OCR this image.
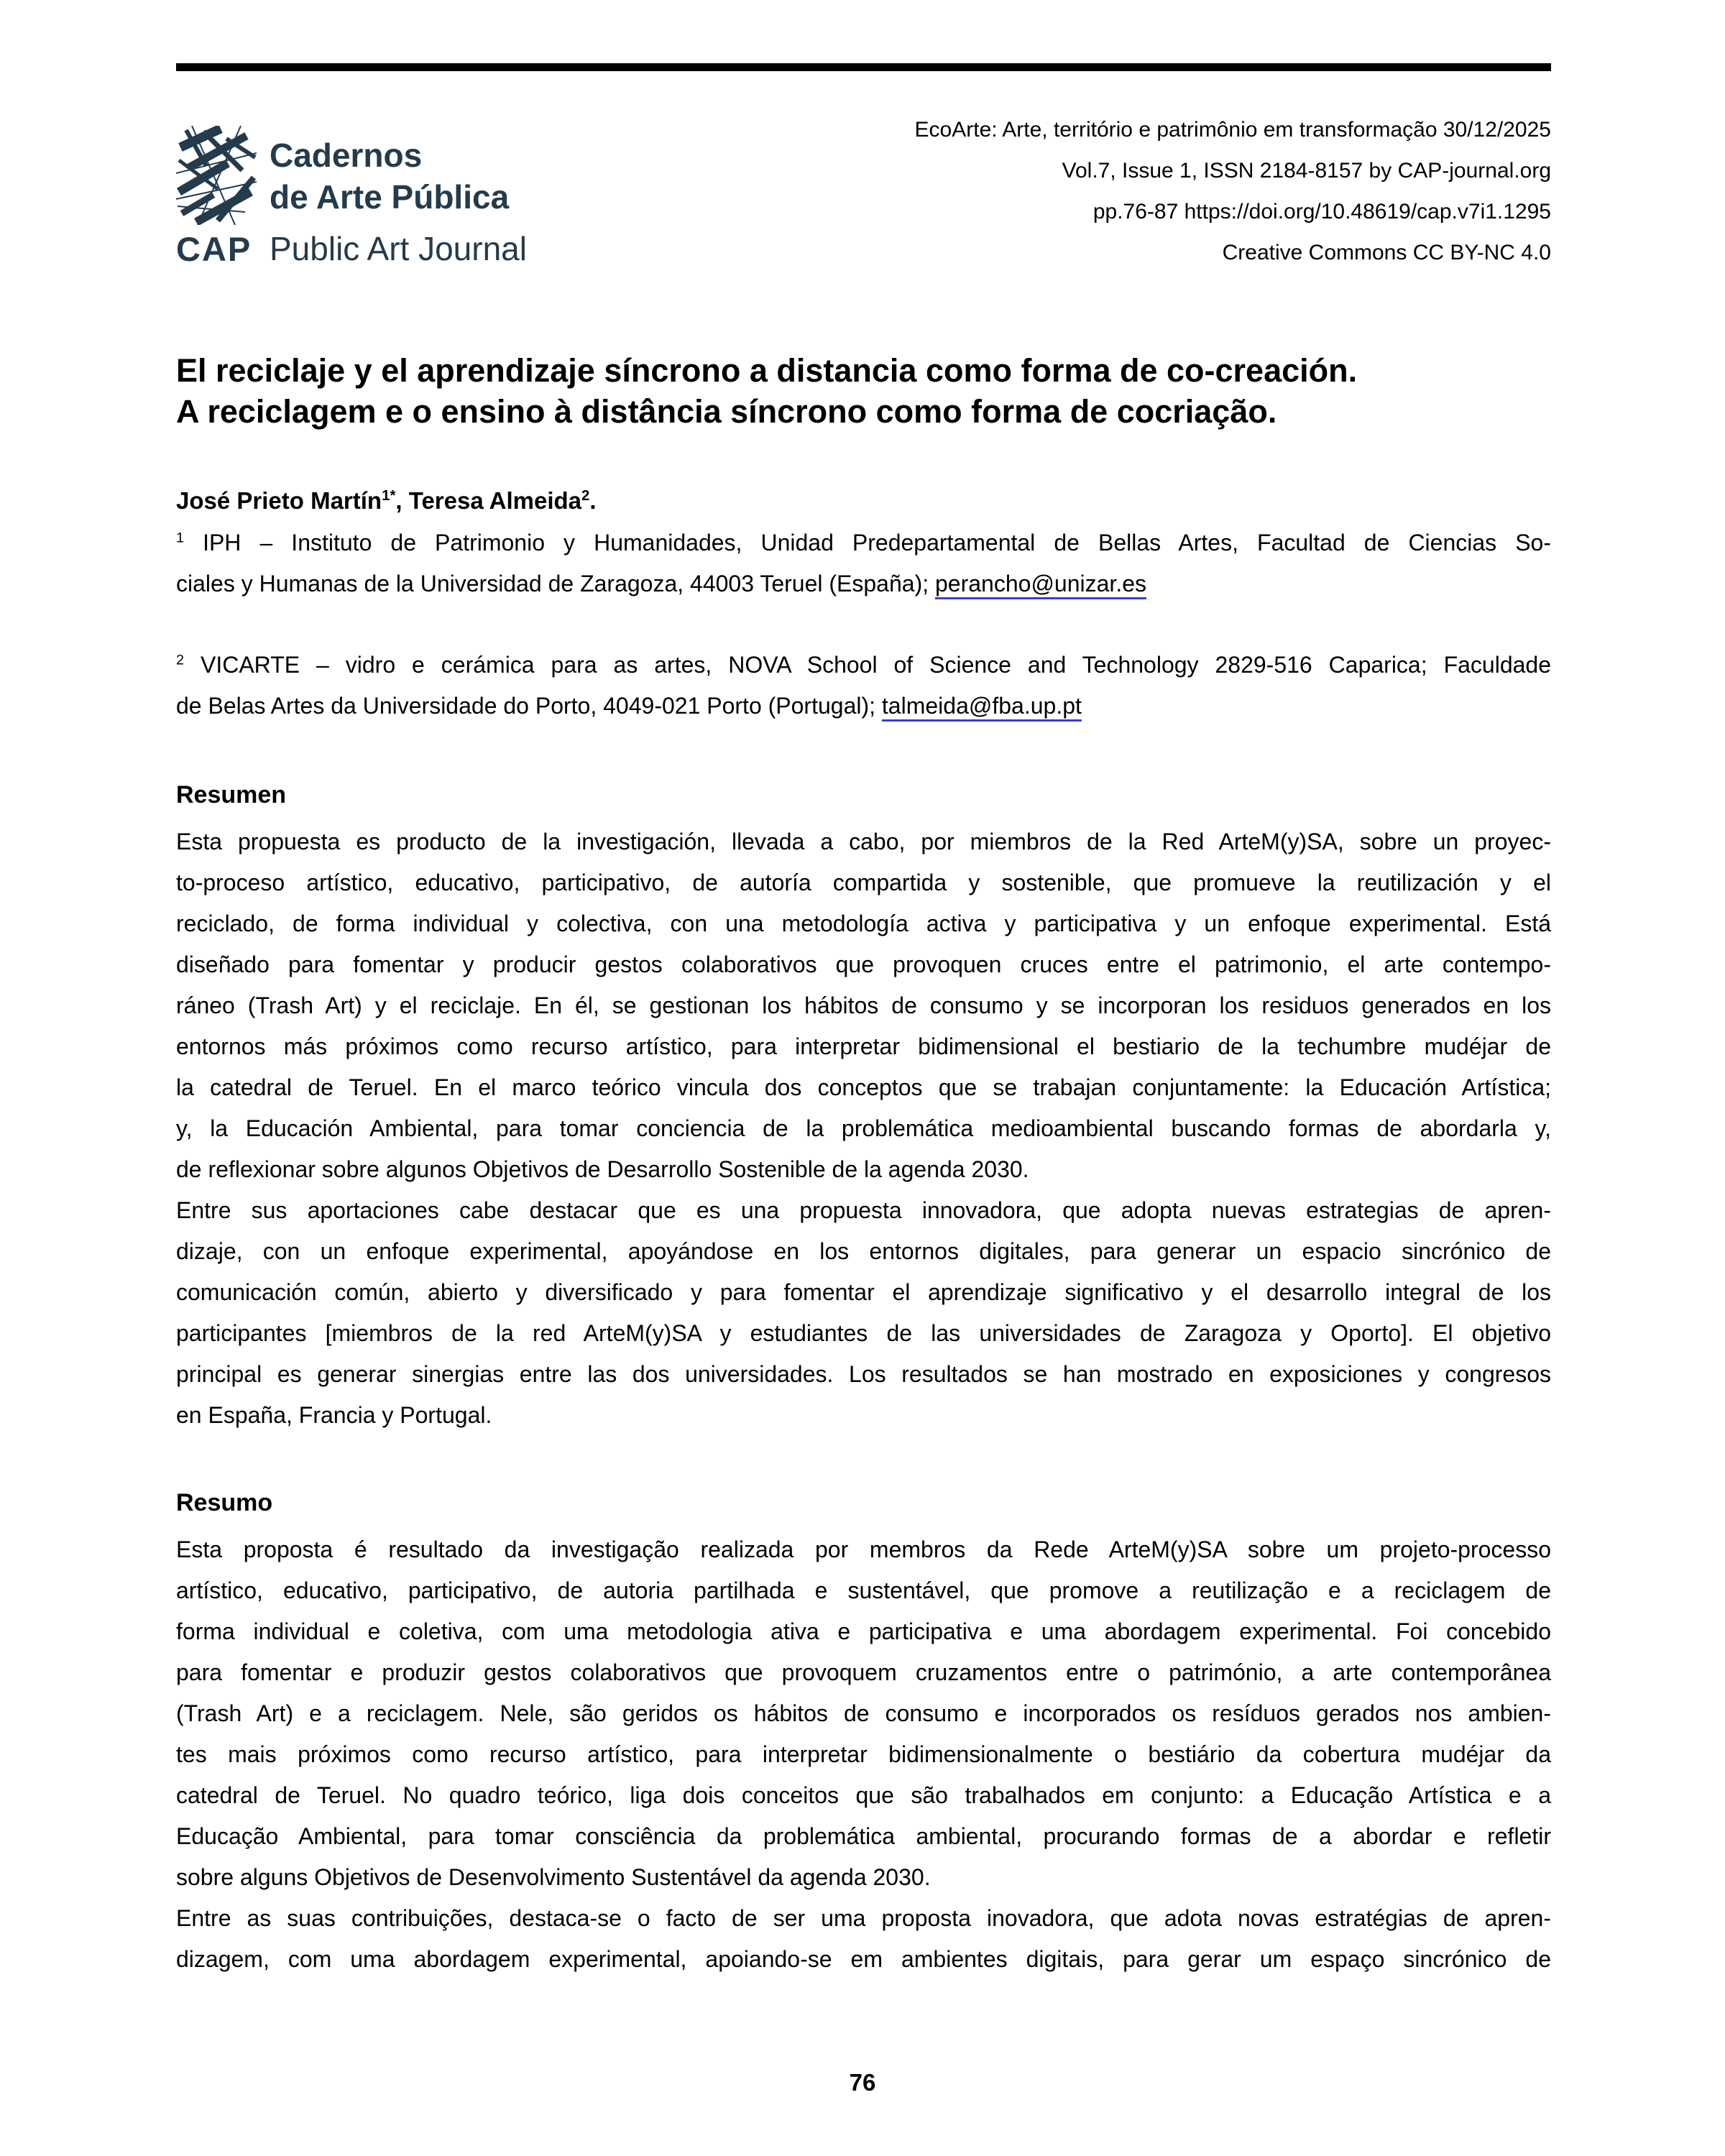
CAP
Cadernos
de Arte Pública
Public Art Journal
EcoArte: Arte, território e patrimônio em transformação 30/12/2025
Vol.7, Issue 1, ISSN 2184-8157 by CAP-journal.org
pp.76-87 https://doi.org/10.48619/cap.v7i1.1295
Creative Commons CC BY-NC 4.0
El reciclaje y el aprendizaje síncrono a distancia como forma de co-creación.
A reciclagem e o ensino à distância síncrono como forma de cocriação.
José Prieto Martín$^{1*}$, Teresa Almeida$^2$.
$^1$ IPH – Instituto de Patrimonio y Humanidades, Unidad Predepartamental de Bellas Artes, Facultad de Ciencias So-
ciales y Humanas de la Universidad de Zaragoza, 44003 Teruel (España); perancho@unizar.es
$^2$ VICARTE – vidro e cerámica para as artes, NOVA School of Science and Technology 2829-516 Caparica; Faculdade
de Belas Artes da Universidade do Porto, 4049-021 Porto (Portugal); talmeida@fba.up.pt
Resumen
Esta propuesta es producto de la investigación, llevada a cabo, por miembros de la Red ArteM(y)SA, sobre un proyec-
to-proceso artístico, educativo, participativo, de autoría compartida y sostenible, que promueve la reutilización y el
reciclado, de forma individual y colectiva, con una metodología activa y participativa y un enfoque experimental. Está
diseñado para fomentar y producir gestos colaborativos que provoquen cruces entre el patrimonio, el arte contempo-
ráneo (Trash Art) y el reciclaje. En él, se gestionan los hábitos de consumo y se incorporan los residuos generados en los
entornos más próximos como recurso artístico, para interpretar bidimensional el bestiario de la techumbre mudéjar de
la catedral de Teruel. En el marco teórico vincula dos conceptos que se trabajan conjuntamente: la Educación Artística;
y, la Educación Ambiental, para tomar conciencia de la problemática medioambiental buscando formas de abordarla y,
de reflexionar sobre algunos Objetivos de Desarrollo Sostenible de la agenda 2030.
Entre sus aportaciones cabe destacar que es una propuesta innovadora, que adopta nuevas estrategias de apren-
dizaje, con un enfoque experimental, apoyándose en los entornos digitales, para generar un espacio sincrónico de
comunicación común, abierto y diversificado y para fomentar el aprendizaje significativo y el desarrollo integral de los
participantes [miembros de la red ArteM(y)SA y estudiantes de las universidades de Zaragoza y Oporto]. El objetivo
principal es generar sinergias entre las dos universidades. Los resultados se han mostrado en exposiciones y congresos
en España, Francia y Portugal.
Resumo
Esta proposta é resultado da investigação realizada por membros da Rede ArteM(y)SA sobre um projeto-processo
artístico, educativo, participativo, de autoria partilhada e sustentável, que promove a reutilização e a reciclagem de
forma individual e coletiva, com uma metodologia ativa e participativa e uma abordagem experimental. Foi concebido
para fomentar e produzir gestos colaborativos que provoquem cruzamentos entre o património, a arte contemporânea
(Trash Art) e a reciclagem. Nele, são geridos os hábitos de consumo e incorporados os resíduos gerados nos ambien-
tes mais próximos como recurso artístico, para interpretar bidimensionalmente o bestiário da cobertura mudéjar da
catedral de Teruel. No quadro teórico, liga dois conceitos que são trabalhados em conjunto: a Educação Artística e a
Educação Ambiental, para tomar consciência da problemática ambiental, procurando formas de a abordar e refletir
sobre alguns Objetivos de Desenvolvimento Sustentável da agenda 2030.
Entre as suas contribuições, destaca-se o facto de ser uma proposta inovadora, que adota novas estratégias de apren-
dizagem, com uma abordagem experimental, apoiando-se em ambientes digitais, para gerar um espaço sincrónico de
76
